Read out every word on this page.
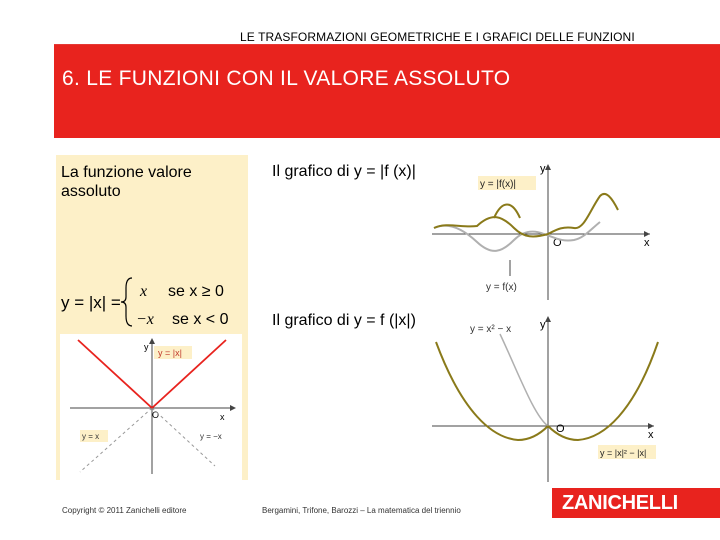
LE TRASFORMAZIONI GEOMETRICHE E I GRAFICI DELLE FUNZIONI
6. LE FUNZIONI CON IL VALORE ASSOLUTO
La funzione valore assoluto
y = |x| =
x se x ≥ 0
−x se x < 0
y
x
O
y = |x|
y = x	y = −x
Il grafico di y = |f (x)|	y
x
O
y = |f(x)|
y = f(x)
Il grafico di y = f (|x|)	y
x
O
y = x² − x
y = |x|² − |x|
Copyright © 2011 Zanichelli editore	Bergamini, Trifone, Barozzi – La matematica del triennio	ZANICHELLI
